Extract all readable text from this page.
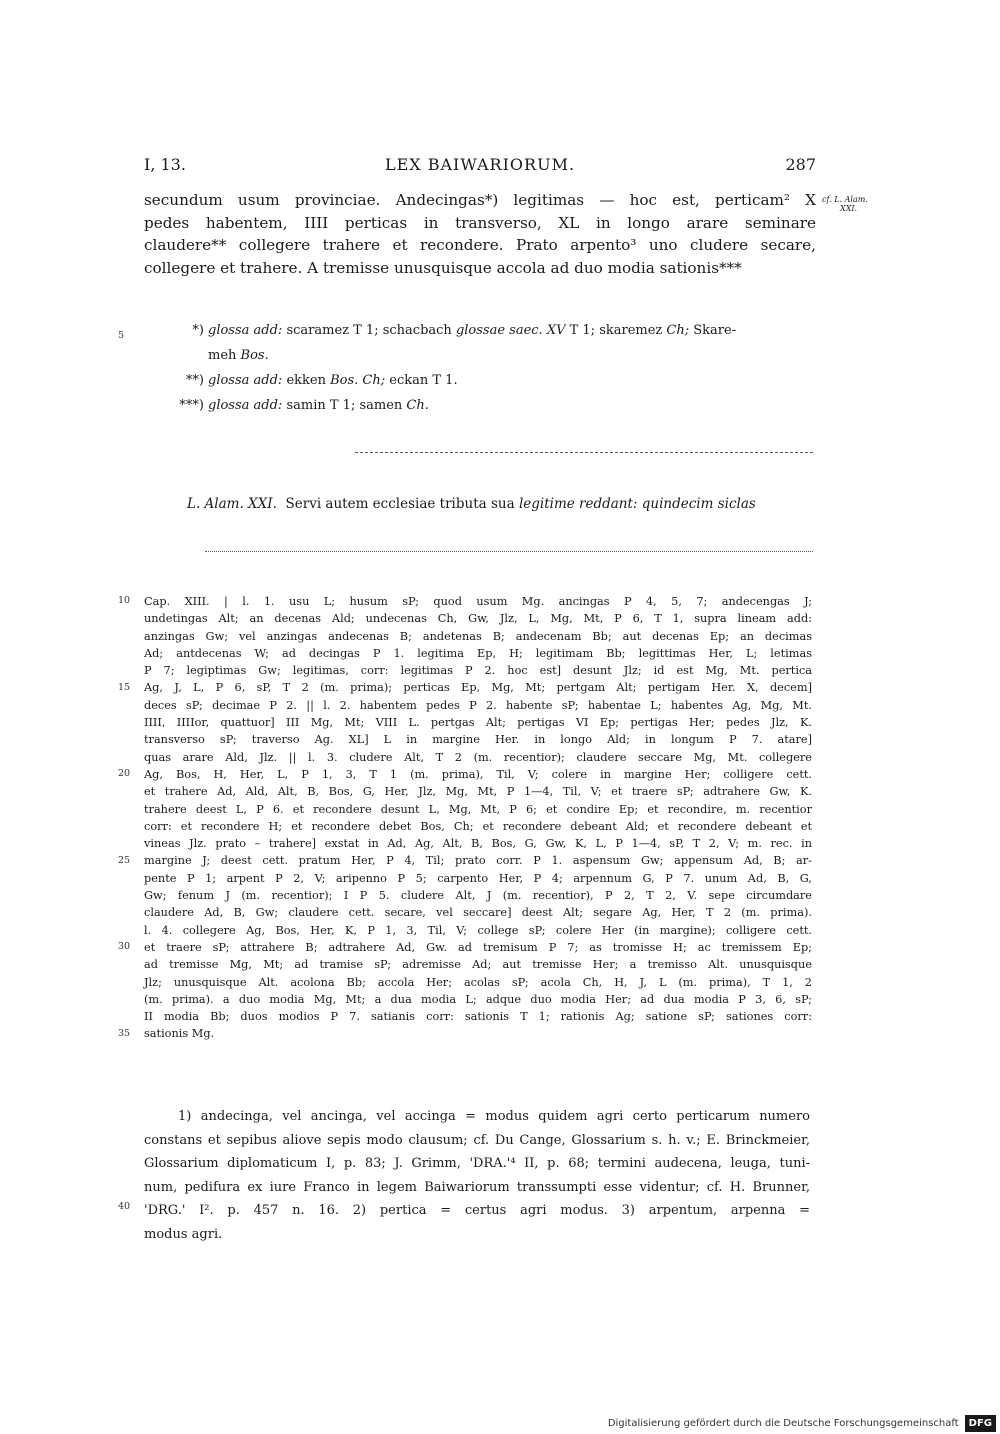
I, 13.	LEX BAIWARIORUM.	287
secundum usum provinciae. Andecingas*) legitimas — hoc est, perticam² X
pedes habentem, IIII perticas in transverso, XL in longo arare seminare
claudere** collegere trahere et recondere. Prato arpento³ uno cludere secare,
collegere et trahere. A tremisse unusquisque accola ad duo modia sationis***
cf. L. Alam.
XXI.
5	*) glossa add: scaramez T 1; schacbach glossae saec. XV T 1; skaremez Ch; Skare-
meh Bos.
**) glossa add: ekken Bos. Ch; eckan T 1.
***) glossa add: samin T 1; samen Ch.
L. Alam. XXI. Servi autem ecclesiae tributa sua legitime reddant: quindecim siclas
Cap. XIII. | l. 1. usu L; husum sP; quod usum Mg. ancingas P 4, 5, 7; andecengas J;
undetingas Alt; an decenas Ald; undecenas Ch, Gw, Jlz, L, Mg, Mt, P 6, T 1, supra lineam add:
anzingas Gw; vel anzingas andecenas B; andetenas B; andecenam Bb; aut decenas Ep; an decimas
Ad; antdecenas W; ad decingas P 1. legitima Ep, H; legitimam Bb; legittimas Her, L; letimas
P 7; legiptimas Gw; legitimas, corr: legitimas P 2. hoc est] desunt Jlz; id est Mg, Mt. pertica
Ag, J, L, P 6, sP, T 2 (m. prima); perticas Ep, Mg, Mt; pertgam Alt; pertigam Her. X, decem]
deces sP; decimae P 2. || l. 2. habentem pedes P 2. habente sP; habentae L; habentes Ag, Mg, Mt.
IIII, IIIIor, quattuor] III Mg, Mt; VIII L. pertgas Alt; pertigas VI Ep; pertigas Her; pedes Jlz, K.
transverso sP; traverso Ag. XL] L in margine Her. in longo Ald; in longum P 7. atare]
quas arare Ald, Jlz. || l. 3. cludere Alt, T 2 (m. recentior); claudere seccare Mg, Mt. collegere
Ag, Bos, H, Her, L, P 1, 3, T 1 (m. prima), Til, V; colere in margine Her; colligere cett.
et trahere Ad, Ald, Alt, B, Bos, G, Her, Jlz, Mg, Mt, P 1—4, Til, V; et traere sP; adtrahere Gw, K.
trahere deest L, P 6. et recondere desunt L, Mg, Mt, P 6; et condire Ep; et recondire, m. recentior
corr: et recondere H; et recondere debet Bos, Ch; et recondere debeant Ald; et recondere debeant et
vineas Jlz. prato – trahere] exstat in Ad, Ag, Alt, B, Bos, G, Gw, K, L, P 1—4, sP, T 2, V; m. rec. in
margine J; deest cett. pratum Her, P 4, Til; prato corr. P 1. aspensum Gw; appensum Ad, B; ar-
pente P 1; arpent P 2, V; aripenno P 5; carpento Her, P 4; arpennum G, P 7. unum Ad, B, G,
Gw; fenum J (m. recentior); I P 5. cludere Alt, J (m. recentior), P 2, T 2, V. sepe circumdare
claudere Ad, B, Gw; claudere cett. secare, vel seccare] deest Alt; segare Ag, Her, T 2 (m. prima).
l. 4. collegere Ag, Bos, Her, K, P 1, 3, Til, V; collegе sP; colere Her (in margine); colligere cett.
et traere sP; attrahere B; adtrahere Ad, Gw. ad tremisum P 7; as tromisse H; ac tremissem Ep;
ad tremisse Mg, Mt; ad tramise sP; adremisse Ad; aut tremisse Her; a tremisso Alt. unusquisque
Jlz; unusquisque Alt. acolona Bb; accola Her; acolas sP; acola Ch, H, J, L (m. prima), T 1, 2
(m. prima). a duo modia Mg, Mt; a dua modia L; adque duo modia Her; ad dua modia P 3, 6, sP;
II modia Bb; duos modios P 7. satianis corr: sationis T 1; rationis Ag; satione sP; sationes corr:
sationis Mg.
1) andecinga, vel ancinga, vel accinga = modus quidem agri certo perticarum numero
constans et sepibus aliove sepis modo clausum; cf. Du Cange, Glossarium s. h. v.; E. Brinckmeier,
Glossarium diplomaticum I, p. 83; J. Grimm, 'DRA.'⁴ II, p. 68; termini audecena, leuga, tuni-
num, pedifura ex iure Franco in legem Baiwariorum transsumpti esse videntur; cf. H. Brunner,
'DRG.' I². p. 457 n. 16. 2) pertica = certus agri modus. 3) arpentum, arpenna =
modus agri.
10
15
20
25
30
35
40
Digitalisierung gefördert durch die Deutsche Forschungsgemeinschaft	DFG
